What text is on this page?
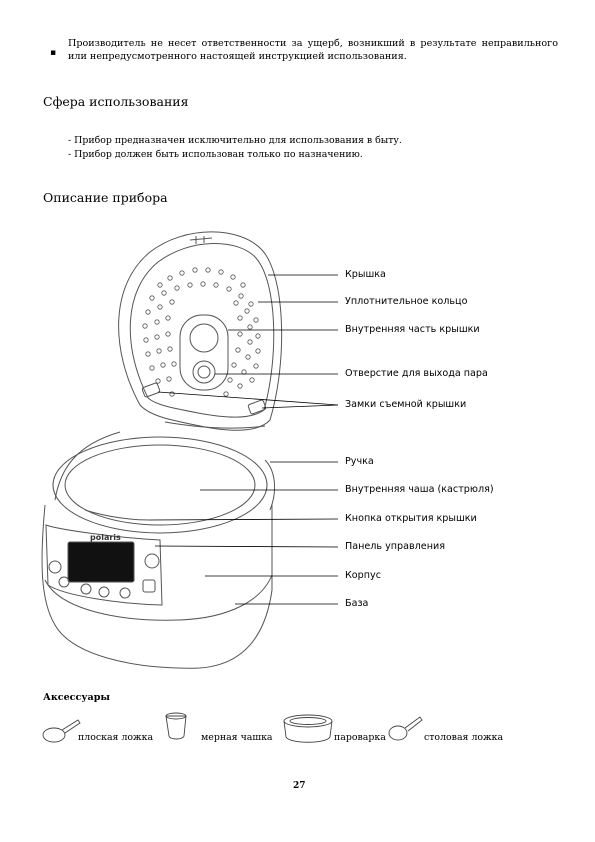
▪
Производитель не несет ответственности за ущерб, возникший в результате неправильного или непредусмотренного настоящей инструкцией использования.
Сфера использования
- Прибор предназначен исключительно для использования в быту.
- Прибор должен быть использован только по назначению.
Описание прибора
polaris
Крышка
Уплотнительное кольцо
Внутренняя часть крышки
Отверстие для выхода пара
Замки съемной крышки
Ручка
Внутренняя чаша (кастрюля)
Кнопка открытия крышки
Панель управления
Корпус
База
Аксессуары
плоская ложка	мерная чашка	пароварка	столовая ложка
27
